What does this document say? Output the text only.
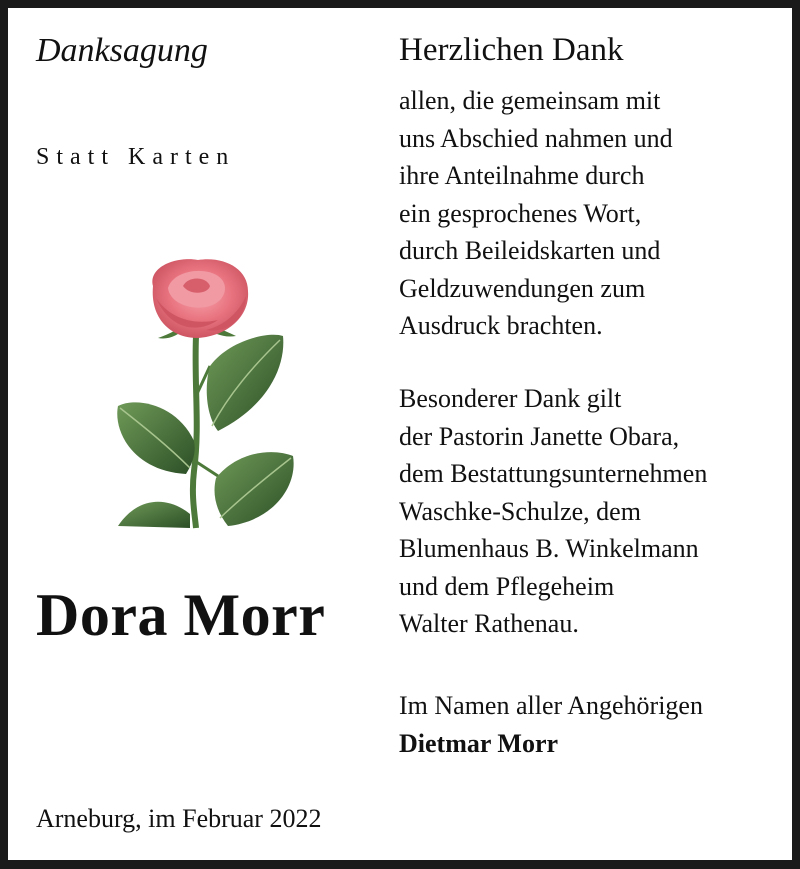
Danksagung
Statt Karten
Dora Morr
Arneburg, im Februar 2022
Herzlichen Dank
allen, die gemeinsam mit
uns Abschied nahmen und
ihre Anteilnahme durch
ein gesprochenes Wort,
durch Beileidskarten und
Geldzuwendungen zum
Ausdruck brachten.
Besonderer Dank gilt
der Pastorin Janette Obara,
dem Bestattungsunternehmen
Waschke-Schulze, dem
Blumenhaus B. Winkelmann
und dem Pflegeheim
Walter Rathenau.
Im Namen aller Angehörigen
Dietmar Morr
